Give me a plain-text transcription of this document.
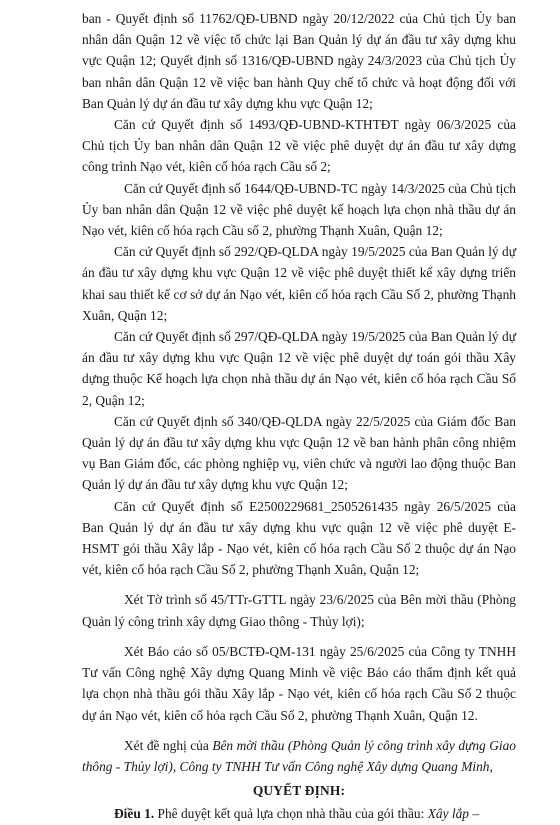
ban - Quyết định số 11762/QĐ-UBND ngày 20/12/2022 của Chủ tịch Ủy ban nhân dân Quận 12 về việc tổ chức lại Ban Quản lý dự án đầu tư xây dựng khu vực Quận 12; Quyết định số 1316/QĐ-UBND ngày 24/3/2023 của Chủ tịch Ủy ban nhân dân Quận 12 về việc ban hành Quy chế tổ chức và hoạt động đối với Ban Quản lý dự án đầu tư xây dựng khu vực Quận 12;

Căn cứ Quyết định số 1493/QĐ-UBND-KTHTĐT ngày 06/3/2025 của Chủ tịch Ủy ban nhân dân Quận 12 về việc phê duyệt dự án đầu tư xây dựng công trình Nạo vét, kiên cố hóa rạch Cầu số 2;

Căn cứ Quyết định số 1644/QĐ-UBND-TC ngày 14/3/2025 của Chủ tịch Ủy ban nhân dân Quận 12 về việc phê duyệt kế hoạch lựa chọn nhà thầu dự án Nạo vét, kiên cố hóa rạch Cầu số 2, phường Thạnh Xuân, Quận 12;

Căn cứ Quyết định số 292/QĐ-QLDA ngày 19/5/2025 của Ban Quản lý dự án đầu tư xây dựng khu vực Quận 12 về việc phê duyệt thiết kế xây dựng triển khai sau thiết kế cơ sở dự án Nạo vét, kiên cố hóa rạch Cầu Số 2, phường Thạnh Xuân, Quận 12;

Căn cứ Quyết định số 297/QĐ-QLDA ngày 19/5/2025 của Ban Quản lý dự án đầu tư xây dựng khu vực Quận 12 về việc phê duyệt dự toán gói thầu Xây dựng thuộc Kế hoạch lựa chọn nhà thầu dự án Nạo vét, kiên cố hóa rạch Cầu Số 2, Quận 12;

Căn cứ Quyết định số 340/QĐ-QLDA ngày 22/5/2025 của Giám đốc Ban Quản lý dự án đầu tư xây dựng khu vực Quận 12 về ban hành phân công nhiệm vụ Ban Giám đốc, các phòng nghiệp vụ, viên chức và người lao động thuộc Ban Quản lý dự án đầu tư xây dựng khu vực Quận 12;

Căn cứ Quyết định số E2500229681_2505261435 ngày 26/5/2025 của Ban Quản lý dự án đầu tư xây dựng khu vực quận 12 về việc phê duyệt E-HSMT gói thầu Xây lắp - Nạo vét, kiên cố hóa rạch Cầu Số 2 thuộc dự án Nạo vét, kiên cố hóa rạch Cầu Số 2, phường Thạnh Xuân, Quận 12;

Xét Tờ trình số 45/TTr-GTTL ngày 23/6/2025 của Bên mời thầu (Phòng Quản lý công trình xây dựng Giao thông - Thủy lợi);

Xét Báo cáo số 05/BCTĐ-QM-131 ngày 25/6/2025 của Công ty TNHH Tư vấn Công nghệ Xây dựng Quang Minh về việc Báo cáo thẩm định kết quả lựa chọn nhà thầu gói thầu Xây lắp - Nạo vét, kiên cố hóa rạch Cầu Số 2 thuộc dự án Nạo vét, kiên cố hóa rạch Cầu Số 2, phường Thạnh Xuân, Quận 12.

Xét đề nghị của Bên mời thầu (Phòng Quản lý công trình xây dựng Giao thông - Thủy lợi), Công ty TNHH Tư vấn Công nghệ Xây dựng Quang Minh,

QUYẾT ĐỊNH:

Điều 1. Phê duyệt kết quả lựa chọn nhà thầu của gói thầu: Xây lắp –
